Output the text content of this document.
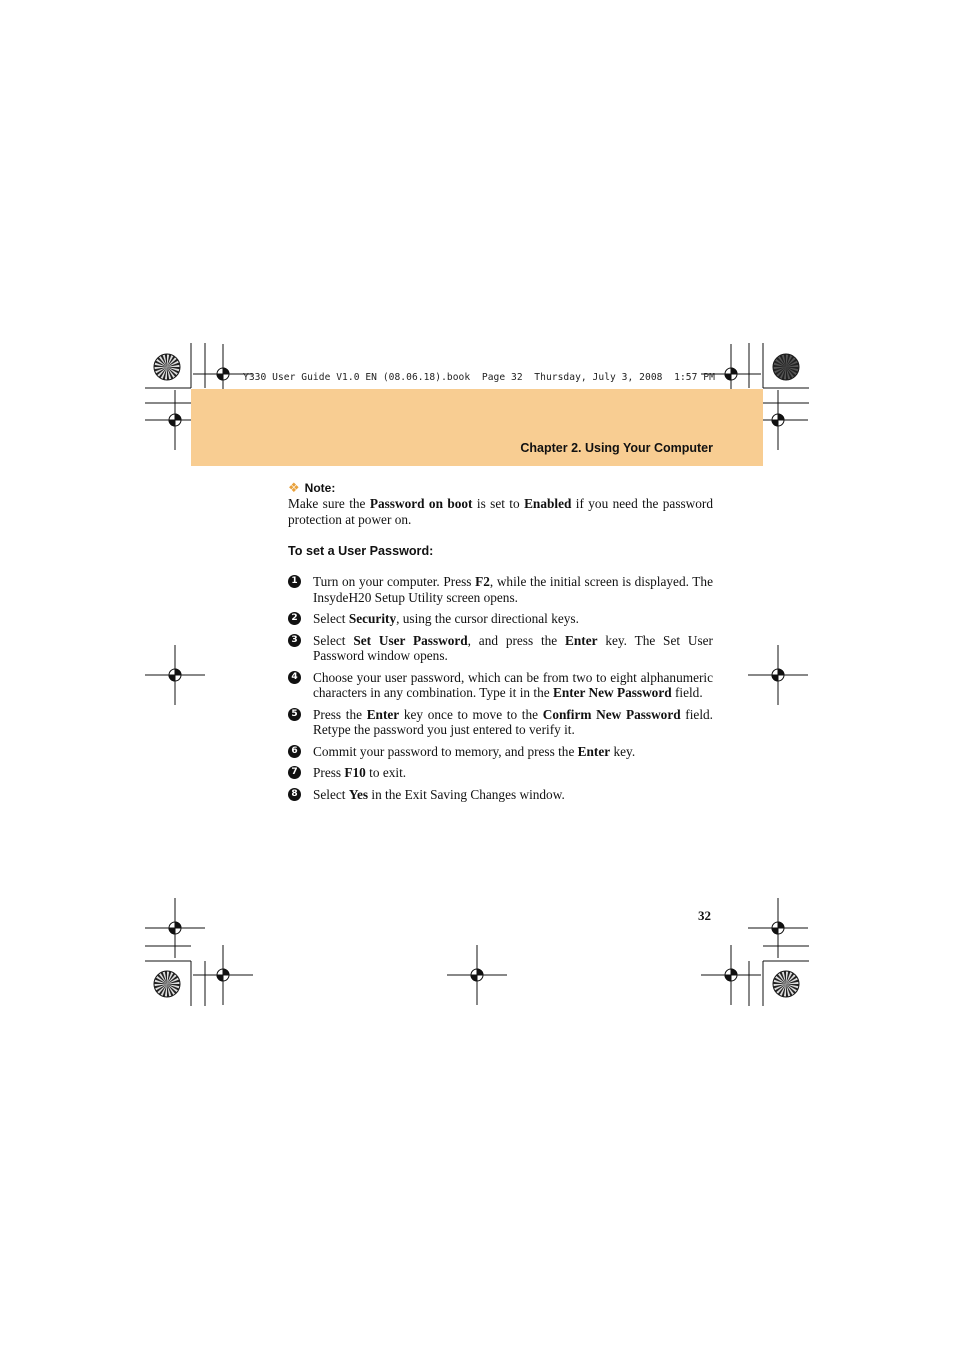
Y330 User Guide V1.0 EN (08.06.18).book  Page 32  Thursday, July 3, 2008  1:57 PM
Chapter 2. Using Your Computer
❖ Note:

Make sure the Password on boot is set to Enabled if you need the password protection at power on.

To set a User Password:
1 Turn on your computer. Press F2, while the initial screen is displayed. The InsydeH20 Setup Utility screen opens.

2 Select Security, using the cursor directional keys.

3 Select Set User Password, and press the Enter key. The Set User Password window opens.

4 Choose your user password, which can be from two to eight alphanumeric characters in any combination. Type it in the Enter New Password field.

5 Press the Enter key once to move to the Confirm New Password field. Retype the password you just entered to verify it.

6 Commit your password to memory, and press the Enter key.

7 Press F10 to exit.

8 Select Yes in the Exit Saving Changes window.

32
